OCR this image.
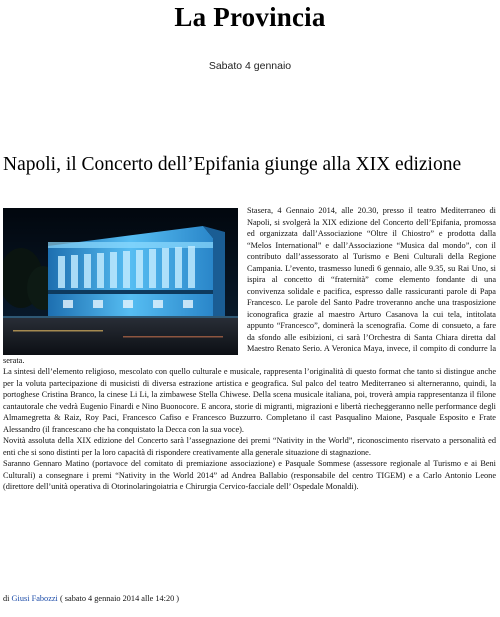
La Provincia
Sabato 4 gennaio
Napoli, il Concerto dell’Epifania giunge alla XIX edizione

Stasera, 4 Gennaio 2014, alle 20.30, presso il teatro Mediterraneo di Napoli, si svolgerà la XIX edizione del Concerto dell’Epifania, promossa ed organizzata dall’Associazione “Oltre il Chiostro” e prodotta dalla “Melos International” e dall’Associazione “Musica dal mondo”, con il contributo dall’assessorato al Turismo e Beni Culturali della Regione Campania. L’evento, trasmesso lunedì 6 gennaio, alle 9.35, su Rai Uno, si ispira al concetto di “fraternità” come elemento fondante di una convivenza solidale e pacifica, espresso dalle rassicuranti parole di Papa Francesco. Le parole del Santo Padre troveranno anche una trasposizione iconografica grazie al maestro Arturo Casanova la cui tela, intitolata appunto “Francesco”, dominerà la scenografia. Come di consueto, a fare da sfondo alle esibizioni, ci sarà l’Orchestra di Santa Chiara diretta dal Maestro Renato Serio. A Veronica Maya, invece, il compito di condurre la serata.

La sintesi dell’elemento religioso, mescolato con quello culturale e musicale, rappresenta l’originalità di questo format che tanto si distingue anche per la voluta partecipazione di musicisti di diversa estrazione artistica e geografica. Sul palco del teatro Mediterraneo si alterneranno, quindi, la portoghese Cristina Branco, la cinese Li Li, la zimbawese Stella Chiwese. Della scena musicale italiana, poi, troverà ampia rappresentanza il filone cantautorale che vedrà Eugenio Finardi e Nino Buonocore. E ancora, storie di migranti, migrazioni e libertà riecheggeranno nelle performance degli Almamegretta & Raiz, Roy Paci, Francesco Cafiso e Francesco Buzzurro. Completano il cast Pasqualino Maione, Pasquale Esposito e Frate Alessandro (il francescano che ha conquistato la Decca con la sua voce).

Novità assoluta della XIX edizione del Concerto sarà l’assegnazione dei premi “Nativity in the World”, riconoscimento riservato a personalità ed enti che si sono distinti per la loro capacità di rispondere creativamente alla generale situazione di stagnazione.

Saranno Gennaro Matino (portavoce del comitato di premiazione associazione) e Pasquale Sommese (assessore regionale al Turismo e ai Beni Culturali) a consegnare i premi “Nativity in the World 2014” ad Andrea Ballabio (responsabile del centro TIGEM) e a Carlo Antonio Leone (direttore dell’unità operativa di Otorinolaringoiatria e Chirurgia Cervico-facciale dell’ Ospedale Monaldi).

di Giusi Fabozzi ( sabato 4 gennaio 2014 alle 14:20 )
